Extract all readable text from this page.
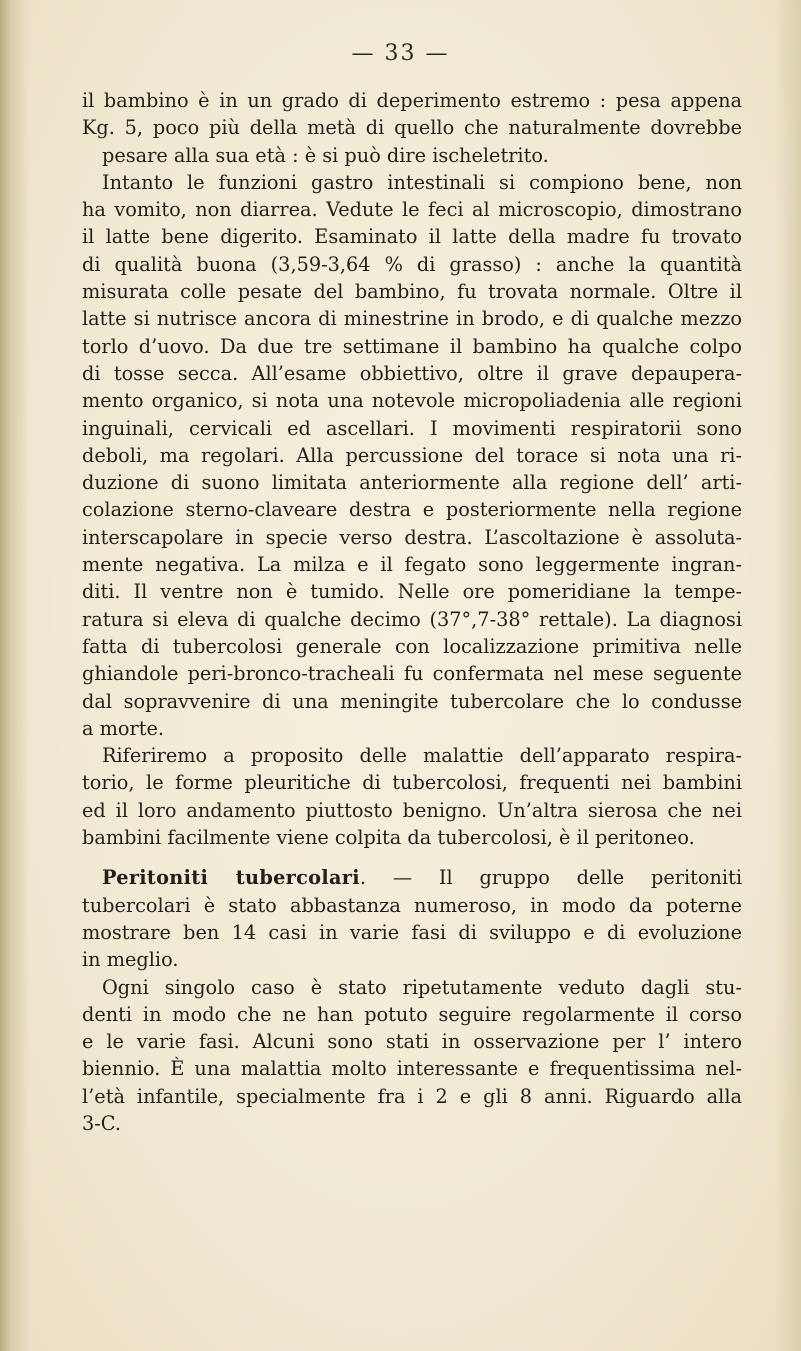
— 33 —
il bambino è in un grado di deperimento estremo : pesa appena
Kg. 5, poco più della metà di quello che naturalmente dovrebbe
pesare alla sua età : è si può dire ischeletrito.
Intanto le funzioni gastro intestinali si compiono bene, non
ha vomito, non diarrea. Vedute le feci al microscopio, dimostrano
il latte bene digerito. Esaminato il latte della madre fu trovato
di qualità buona (3,59-3,64 % di grasso) : anche la quantità
misurata colle pesate del bambino, fu trovata normale. Oltre il
latte si nutrisce ancora di minestrine in brodo, e di qualche mezzo
torlo d’uovo. Da due tre settimane il bambino ha qualche colpo
di tosse secca. All’esame obbiettivo, oltre il grave depaupera-
mento organico, si nota una notevole micropoliadenia alle regioni
inguinali, cervicali ed ascellari. I movimenti respiratorii sono
deboli, ma regolari. Alla percussione del torace si nota una ri-
duzione di suono limitata anteriormente alla regione dell’ arti-
colazione sterno-claveare destra e posteriormente nella regione
interscapolare in specie verso destra. L’ascoltazione è assoluta-
mente negativa. La milza e il fegato sono leggermente ingran-
diti. Il ventre non è tumido. Nelle ore pomeridiane la tempe-
ratura si eleva di qualche decimo (37°,7-38° rettale). La diagnosi
fatta di tubercolosi generale con localizzazione primitiva nelle
ghiandole peri-bronco-tracheali fu confermata nel mese seguente
dal sopravvenire di una meningite tubercolare che lo condusse
a morte.
Riferiremo a proposito delle malattie dell’apparato respira-
torio, le forme pleuritiche di tubercolosi, frequenti nei bambini
ed il loro andamento piuttosto benigno. Un’altra sierosa che nei
bambini facilmente viene colpita da tubercolosi, è il peritoneo.
Peritoniti tubercolari. — Il gruppo delle peritoniti
tubercolari è stato abbastanza numeroso, in modo da poterne
mostrare ben 14 casi in varie fasi di sviluppo e di evoluzione
in meglio.
Ogni singolo caso è stato ripetutamente veduto dagli stu-
denti in modo che ne han potuto seguire regolarmente il corso
e le varie fasi. Alcuni sono stati in osservazione per l’ intero
biennio. È una malattia molto interessante e frequentissima nel-
l’età infantile, specialmente fra i 2 e gli 8 anni. Riguardo alla
3-C.
